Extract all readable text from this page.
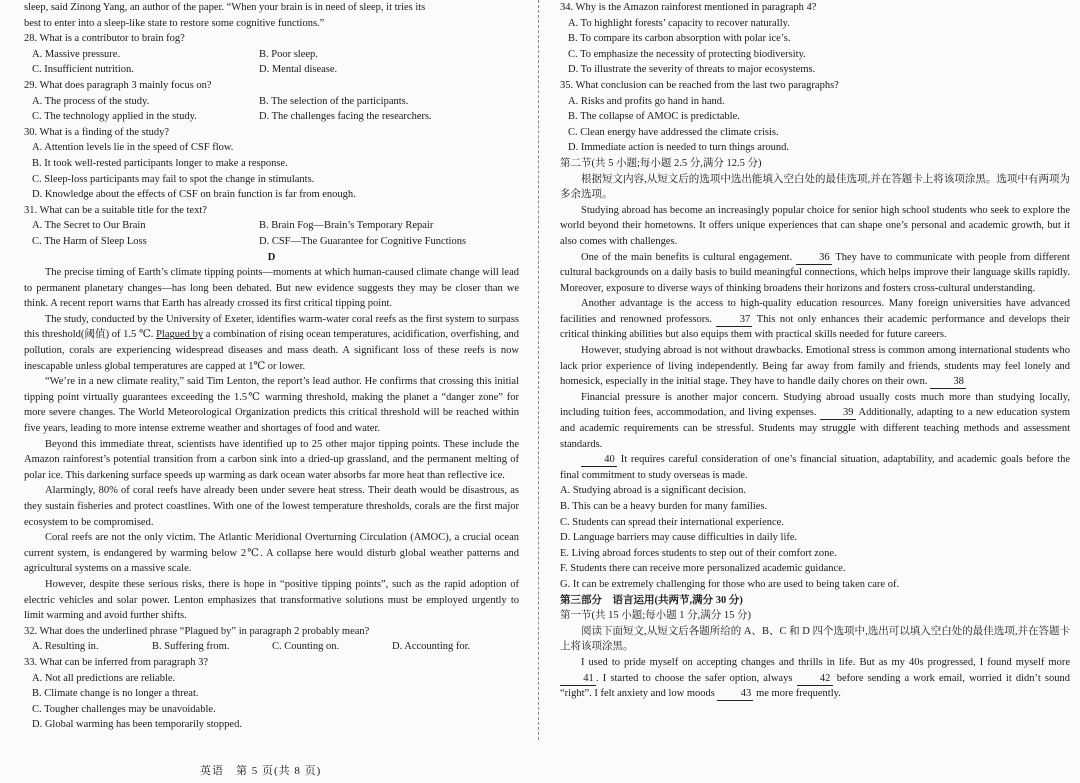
sleep, said Zinong Yang, an author of the paper. “When your brain is in need of sleep, it tries its

best to enter into a sleep-like state to restore some cognitive functions.”

28. What is a contributor to brain fog?

A. Massive pressure.	B. Poor sleep.
C. Insufficient nutrition.	D. Mental disease.

29. What does paragraph 3 mainly focus on?

A. The process of the study.	B. The selection of the participants.
C. The technology applied in the study.	D. The challenges facing the researchers.

30. What is a finding of the study?

A. Attention levels lie in the speed of CSF flow.

B. It took well-rested participants longer to make a response.

C. Sleep-loss participants may fail to spot the change in stimulants.

D. Knowledge about the effects of CSF on brain function is far from enough.

31. What can be a suitable title for the text?

A. The Secret to Our Brain	B. Brain Fog—Brain’s Temporary Repair
C. The Harm of Sleep Loss	D. CSF—The Guarantee for Cognitive Functions

D

The precise timing of Earth’s climate tipping points—moments at which human-caused climate change will lead to permanent planetary changes—has long been debated. But new evidence suggests they may be closer than we think. A recent report warns that Earth has already crossed its first critical tipping point.

The study, conducted by the University of Exeter, identifies warm-water coral reefs as the first system to surpass this threshold(阈值) of 1.5 ℃. Plagued by a combination of rising ocean temperatures, acidification, overfishing, and pollution, corals are experiencing widespread diseases and mass death. A significant loss of these reefs is now inescapable unless global temperatures are capped at 1℃ or lower.

“We’re in a new climate reality,” said Tim Lenton, the report’s lead author. He confirms that crossing this initial tipping point virtually guarantees exceeding the 1.5℃ warming threshold, making the planet a “danger zone” for more severe changes. The World Meteorological Organization predicts this critical threshold will be reached within five years, leading to more intense extreme weather and shortages of food and water.

Beyond this immediate threat, scientists have identified up to 25 other major tipping points. These include the Amazon rainforest’s potential transition from a carbon sink into a dried-up grassland, and the permanent melting of polar ice. This darkening surface speeds up warming as dark ocean water absorbs far more heat than reflective ice.

Alarmingly, 80% of coral reefs have already been under severe heat stress. Their death would be disastrous, as they sustain fisheries and protect coastlines. With one of the lowest temperature thresholds, corals are the first major ecosystem to be compromised.

Coral reefs are not the only victim. The Atlantic Meridional Overturning Circulation (AMOC), a crucial ocean current system, is endangered by warming below 2℃. A collapse here would disturb global weather patterns and agricultural systems on a massive scale.

However, despite these serious risks, there is hope in “positive tipping points”, such as the rapid adoption of electric vehicles and solar power. Lenton emphasizes that transformative solutions must be employed urgently to limit warming and avoid further shifts.

32. What does the underlined phrase “Plagued by” in paragraph 2 probably mean?

A. Resulting in.	B. Suffering from.	C. Counting on.	D. Accounting for.

33. What can be inferred from paragraph 3?

A. Not all predictions are reliable.

B. Climate change is no longer a threat.

C. Tougher challenges may be unavoidable.

D. Global warming has been temporarily stopped.

34. Why is the Amazon rainforest mentioned in paragraph 4?

A. To highlight forests’ capacity to recover naturally.

B. To compare its carbon absorption with polar ice’s.

C. To emphasize the necessity of protecting biodiversity.

D. To illustrate the severity of threats to major ecosystems.

35. What conclusion can be reached from the last two paragraphs?

A. Risks and profits go hand in hand.

B. The collapse of AMOC is predictable.

C. Clean energy have addressed the climate crisis.

D. Immediate action is needed to turn things around.

第二节(共 5 小题;每小题 2.5 分,满分 12.5 分)

根据短文内容,从短文后的选项中选出能填入空白处的最佳选项,并在答题卡上将该项涂黑。选项中有两项为多余选项。

Studying abroad has become an increasingly popular choice for senior high school students who seek to explore the world beyond their hometowns. It offers unique experiences that can shape one’s personal and academic growth, but it also comes with challenges.

One of the main benefits is cultural engagement. 36 They have to communicate with people from different cultural backgrounds on a daily basis to build meaningful connections, which helps improve their language skills rapidly. Moreover, exposure to diverse ways of thinking broadens their horizons and fosters cross-cultural understanding.

Another advantage is the access to high-quality education resources. Many foreign universities have advanced facilities and renowned professors. 37 This not only enhances their academic performance and develops their critical thinking abilities but also equips them with practical skills needed for future careers.

However, studying abroad is not without drawbacks. Emotional stress is common among international students who lack prior experience of living independently. Being far away from family and friends, students may feel lonely and homesick, especially in the initial stage. They have to handle daily chores on their own. 38

Financial pressure is another major concern. Studying abroad usually costs much more than studying locally, including tuition fees, accommodation, and living expenses. 39 Additionally, adapting to a new education system and academic requirements can be stressful. Students may struggle with different teaching methods and assessment standards.

40 It requires careful consideration of one’s financial situation, adaptability, and academic goals before the final commitment to study overseas is made.

A. Studying abroad is a significant decision.

B. This can be a heavy burden for many families.

C. Students can spread their international experience.

D. Language barriers may cause difficulties in daily life.

E. Living abroad forces students to step out of their comfort zone.

F. Students there can receive more personalized academic guidance.

G. It can be extremely challenging for those who are used to being taken care of.

第三部分　语言运用(共两节,满分 30 分)

第一节(共 15 小题;每小题 1 分,满分 15 分)

阅读下面短文,从短文后各题所给的 A、B、C 和 D 四个选项中,选出可以填入空白处的最佳选项,并在答题卡上将该项涂黑。

I used to pride myself on accepting changes and thrills in life. But as my 40s progressed, I found myself more 41 . I started to choose the safer option, always 42 before sending a work email, worried it didn’t sound “right”. I felt anxiety and low moods 43 me more frequently.

英语　第 5 页(共 8 页)
